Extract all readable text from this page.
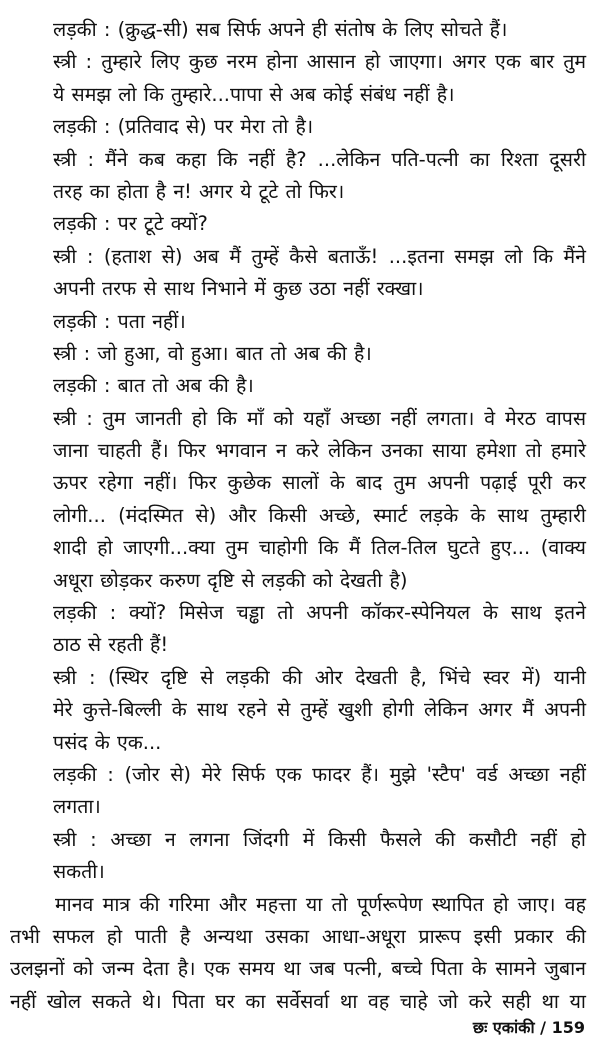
लड़की : (क्रुद्ध-सी) सब सिर्फ अपने ही संतोष के लिए सोचते हैं।
स्त्री : तुम्हारे लिए कुछ नरम होना आसान हो जाएगा। अगर एक बार तुम
ये समझ लो कि तुम्हारे...पापा से अब कोई संबंध नहीं है।
लड़की : (प्रतिवाद से) पर मेरा तो है।
स्त्री : मैंने कब कहा कि नहीं है? ...लेकिन पति-पत्नी का रिश्ता दूसरी
तरह का होता है न! अगर ये टूटे तो फिर।
लड़की : पर टूटे क्यों?
स्त्री : (हताश से) अब मैं तुम्हें कैसे बताऊँ! ...इतना समझ लो कि मैंने
अपनी तरफ से साथ निभाने में कुछ उठा नहीं रक्खा।
लड़की : पता नहीं।
स्त्री : जो हुआ, वो हुआ। बात तो अब की है।
लड़की : बात तो अब की है।
स्त्री : तुम जानती हो कि माँ को यहाँ अच्छा नहीं लगता। वे मेरठ वापस
जाना चाहती हैं। फिर भगवान न करे लेकिन उनका साया हमेशा तो हमारे
ऊपर रहेगा नहीं। फिर कुछेक सालों के बाद तुम अपनी पढ़ाई पूरी कर
लोगी... (मंदस्मित से) और किसी अच्छे, स्मार्ट लड़के के साथ तुम्हारी
शादी हो जाएगी...क्या तुम चाहोगी कि मैं तिल-तिल घुटते हुए... (वाक्य
अधूरा छोड़कर करुण दृष्टि से लड़की को देखती है)
लड़की : क्यों? मिसेज चड्ढा तो अपनी कॉकर-स्पेनियल के साथ इतने
ठाठ से रहती हैं!
स्त्री : (स्थिर दृष्टि से लड़की की ओर देखती है, भिंचे स्वर में) यानी
मेरे कुत्ते-बिल्ली के साथ रहने से तुम्हें खुशी होगी लेकिन अगर मैं अपनी
पसंद के एक...
लड़की : (जोर से) मेरे सिर्फ एक फादर हैं। मुझे 'स्टैप' वर्ड अच्छा नहीं
लगता।
स्त्री : अच्छा न लगना जिंदगी में किसी फैसले की कसौटी नहीं हो
सकती।
मानव मात्र की गरिमा और महत्ता या तो पूर्णरूपेण स्थापित हो जाए। वह
तभी सफल हो पाती है अन्यथा उसका आधा-अधूरा प्रारूप इसी प्रकार की
उलझनों को जन्म देता है। एक समय था जब पत्नी, बच्चे पिता के सामने जुबान
नहीं खोल सकते थे। पिता घर का सर्वेसर्वा था वह चाहे जो करे सही था या
छः एकांकी / 159
